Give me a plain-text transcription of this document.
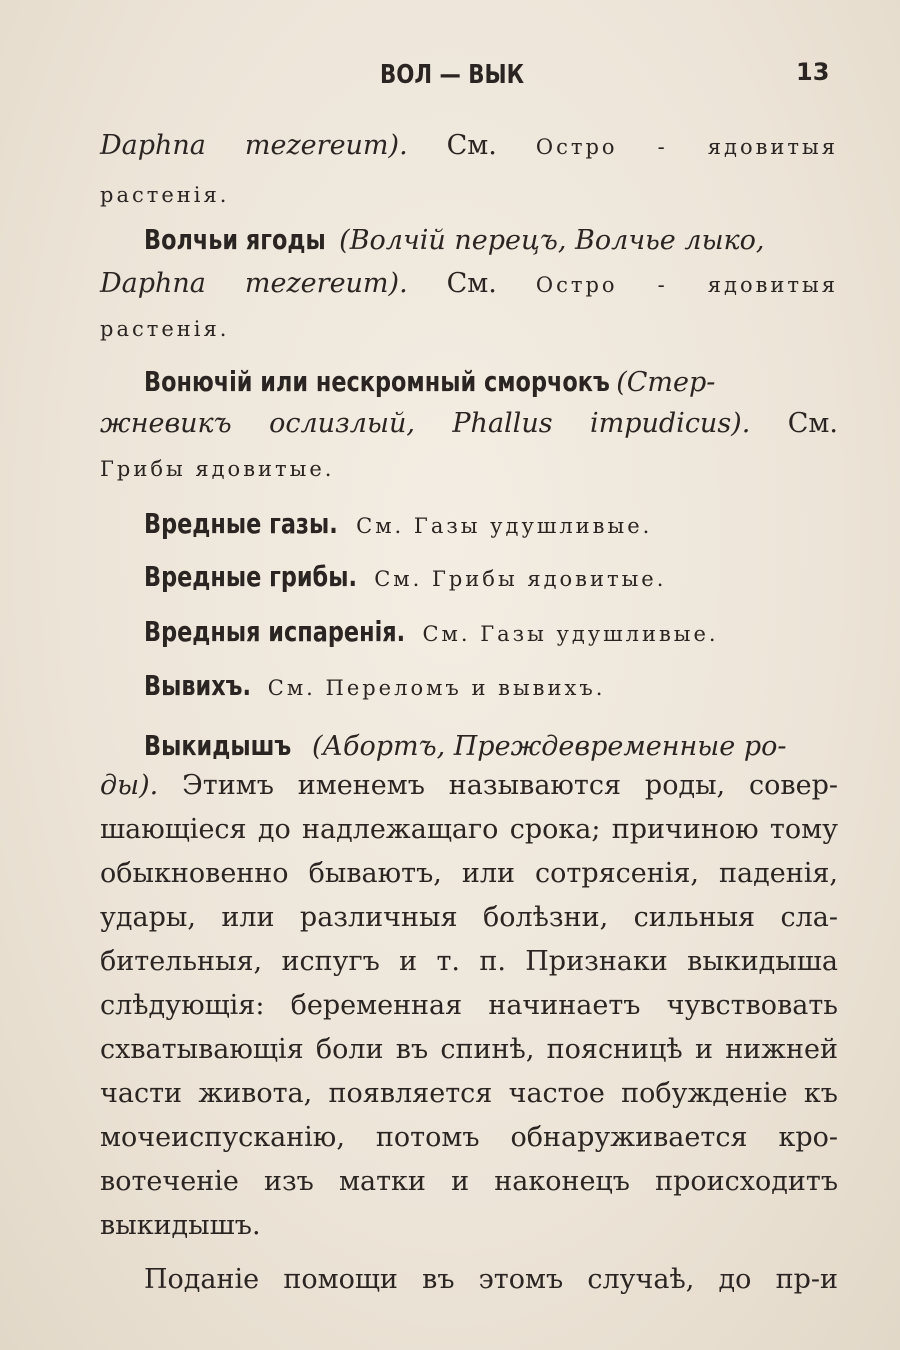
ВОЛ — ВЫК	13
Daphna mezereum). См. Остро - ядовитыя
растенія.
Волчьи ягоды (Волчій перецъ, Волчье лыко,
Daphna mezereum). См. Остро - ядовитыя
растенія.
Вонючій или нескромный сморчокъ (Стер-
жневикъ ослизлый, Phallus impudicus). См.
Грибы ядовитые.
Вредные газы. См. Газы удушливые.
Вредные грибы. См. Грибы ядовитые.
Вредныя испаренія. См. Газы удушливые.
Вывихъ. См. Переломъ и вывихъ.
Выкидышъ (Абортъ, Преждевременные ро-
ды). Этимъ именемъ называются роды, совер-
шающіеся до надлежащаго срока; причиною тому
обыкновенно бываютъ, или сотрясенія, паденія,
удары, или различныя болѣзни, сильныя сла-
бительныя, испугъ и т. п. Признаки выкидыша
слѣдующія: беременная начинаетъ чувствовать
схватывающія боли въ спинѣ, поясницѣ и нижней
части живота, появляется частое побужденіе къ
мочеиспусканію, потомъ обнаруживается кро-
вотеченіе изъ матки и наконецъ происходитъ
выкидышъ.
Поданіе помощи въ этомъ случаѣ, до пр-и
